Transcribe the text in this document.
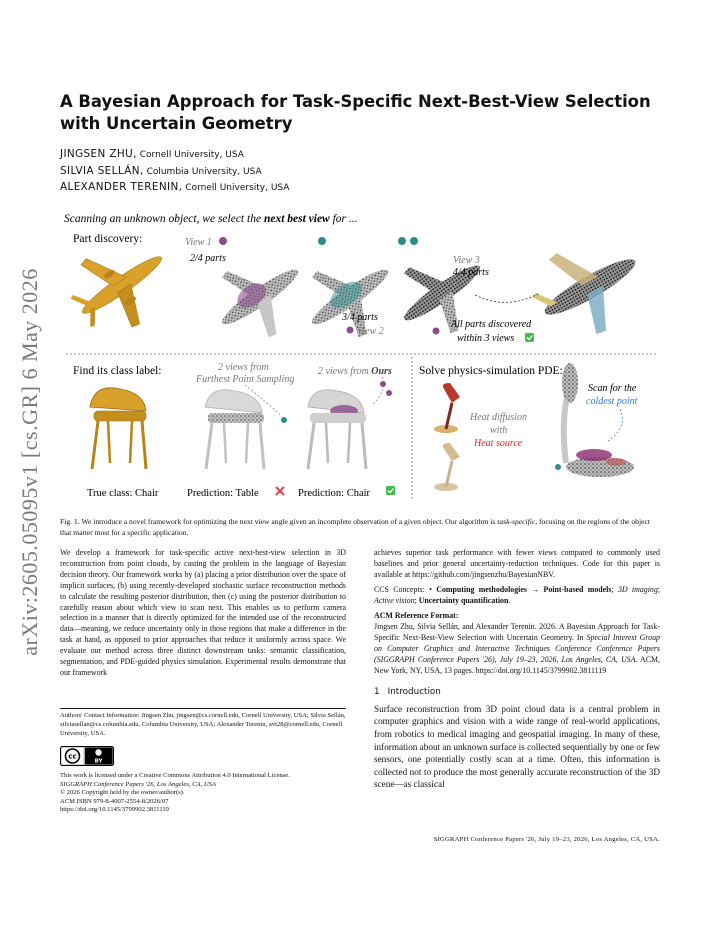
arXiv:2605.05095v1 [cs.GR] 6 May 2026
A Bayesian Approach for Task-Specific Next-Best-View Selection with Uncertain Geometry
JINGSEN ZHU, Cornell University, USA
SILVIA SELLÁN, Columbia University, USA
ALEXANDER TERENIN, Cornell University, USA
Scanning an unknown object, we select the next best view for ...
Part discovery:	View 1
2/4 parts
3/4 parts
View 2
View 3
4/4 parts
All parts discovered
within 3 views
Find its class label:
True class: Chair
2 views from
Furthest Point Sampling
Prediction: Table
2 views from Ours
Prediction: Chair
Solve physics-simulation PDE:
Heat diffusion
with
Heat source
Scan for the
coldest point

Fig. 1. We introduce a novel framework for optimizing the next view angle given an incomplete observation of a given object. Our algorithm is task-specific, focusing on the regions of the object that matter most for a specific application.

We develop a framework for task-specific active next-best-view selection in 3D reconstruction from point clouds, by casting the problem in the language of Bayesian decision theory. Our framework works by (a) placing a prior distribution over the space of implicit surfaces, (b) using recently-developed stochastic surface reconstruction methods to calculate the resulting posterior distribution, then (c) using the posterior distribution to carefully reason about which view to scan next. This enables us to perform camera selection in a manner that is directly optimized for the intended use of the reconstructed data—meaning, we reduce uncertainty only in those regions that make a difference in the task at hand, as opposed to prior approaches that reduce it uniformly across space. We evaluate our method across three distinct downstream tasks: semantic classification, segmentation, and PDE-guided physics simulation. Experimental results demonstrate that our framework

achieves superior task performance with fewer views compared to commonly used baselines and prior general uncertainty-reduction techniques. Code for this paper is available at https://github.com/jingsenzhu/BayesianNBV.

CCS Concepts: • Computing methodologies → Point-based models; 3D imaging; Active vision; Uncertainty quantification.

ACM Reference Format:

Jingsen Zhu, Silvia Sellán, and Alexander Terenin. 2026. A Bayesian Approach for Task-Specific Next-Best-View Selection with Uncertain Geometry. In Special Interest Group on Computer Graphics and Interactive Techniques Conference Conference Papers (SIGGRAPH Conference Papers '26), July 19–23, 2026, Los Angeles, CA, USA. ACM, New York, NY, USA, 13 pages. https://doi.org/10.1145/3799902.3811119

1 Introduction

Surface reconstruction from 3D point cloud data is a central problem in computer graphics and vision with a wide range of real-world applications, from robotics to medical imaging and geospatial imaging. In many of these, information about an unknown surface is collected sequentially by one or few sensors, one potentially costly scan at a time. Often, this information is collected not to produce the most generally accurate reconstruction of the 3D scene—as classical

Authors' Contact Information: Jingsen Zhu, jingsen@cs.cornell.edu, Cornell University, USA; Silvia Sellán, silviasellan@cs.columbia.edu, Columbia University, USA; Alexander Terenin, avt28@cornell.edu, Cornell University, USA.

cc
BY
This work is licensed under a Creative Commons Attribution 4.0 International License.
SIGGRAPH Conference Papers '26, Los Angeles, CA, USA
© 2026 Copyright held by the owner/author(s).
ACM ISBN 979-8-4007-2554-8/2026/07
https://doi.org/10.1145/3799902.3811119
SIGGRAPH Conference Papers '26, July 19–23, 2026, Los Angeles, CA, USA.
